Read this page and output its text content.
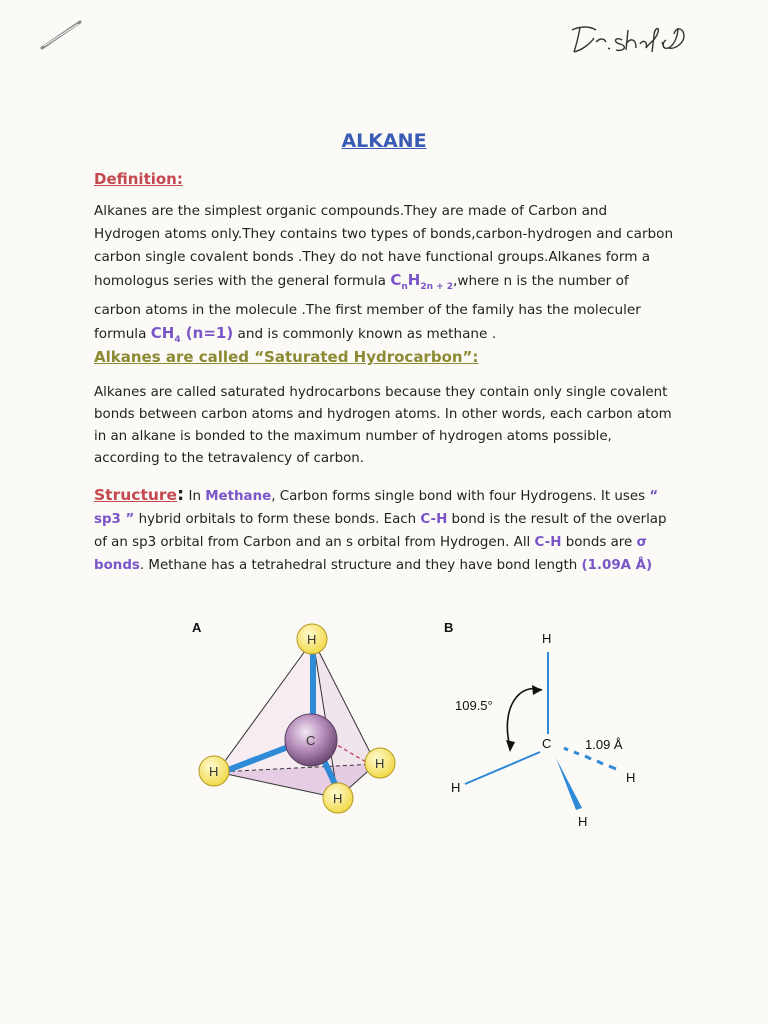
ALKANE
Definition:
Alkanes are the simplest organic compounds.They are made of Carbon and Hydrogen atoms only.They contains two types of bonds,carbon-hydrogen and carbon carbon single covalent bonds .They do not have functional groups.Alkanes form a homologus series with the general formula $C_nH_{2n + 2},where$ n is the number of carbon atoms in the molecule .The first member of the family has the moleculer formula $CH_4$ (n=1) and is commonly known as methane .
Alkanes are called “Saturated Hydrocarbon”:
Alkanes are called saturated hydrocarbons because they contain only single covalent bonds between carbon atoms and hydrogen atoms. In other words, each carbon atom in an alkane is bonded to the maximum number of hydrogen atoms possible, according to the tetravalency of carbon.
Structure: In Methane, Carbon forms single bond with four Hydrogens. It uses “ sp3 ” hybrid orbitals to form these bonds. Each C-H bond is the result of the overlap of an sp3 orbital from Carbon and an s orbital from Hydrogen. All C-H bonds are σ bonds. Methane has a tetrahedral structure and they have bond length (1.09A Å)
A
C
H
H
H
H
B
H
C
109.5°
H
H
H
1.09 Å
